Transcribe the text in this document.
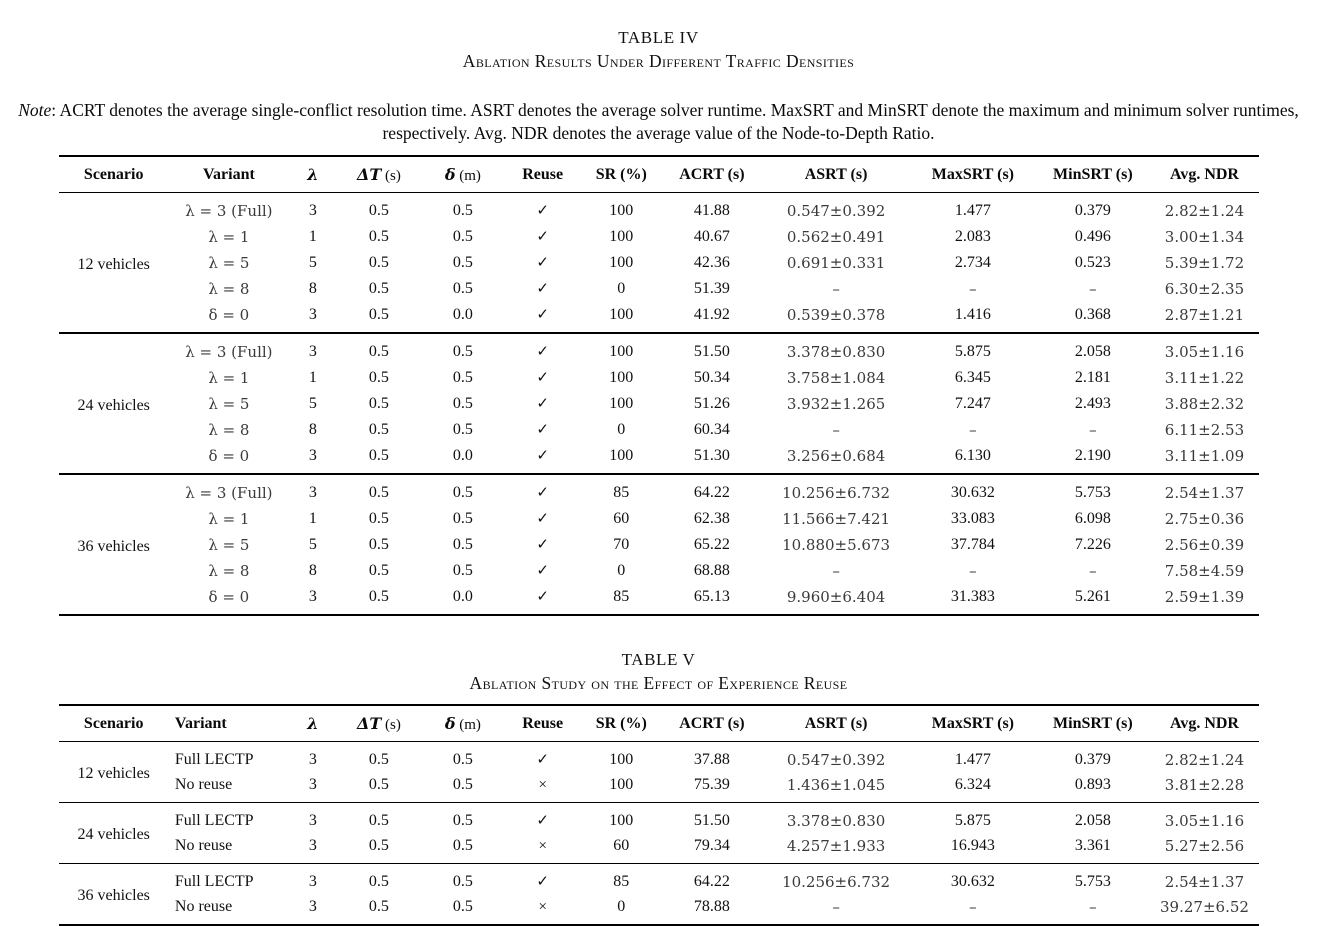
TABLE IV
Ablation Results Under Different Traffic Densities

Note: ACRT denotes the average single-conflict resolution time. ASRT denotes the average solver runtime. MaxSRT and MinSRT denote the maximum and minimum solver runtimes, respectively. Avg. NDR denotes the average value of the Node-to-Depth Ratio.

Scenario	Variant	λ	ΔT (s)	δ (m)	Reuse	SR (%)	ACRT (s)	ASRT (s)	MaxSRT (s)	MinSRT (s)	Avg. NDR
12 vehicles	λ = 3 (Full)	3	0.5	0.5	✓	100	41.88	0.547±0.392	1.477	0.379	2.82±1.24
	λ = 1	1	0.5	0.5	✓	100	40.67	0.562±0.491	2.083	0.496	3.00±1.34
	λ = 5	5	0.5	0.5	✓	100	42.36	0.691±0.331	2.734	0.523	5.39±1.72
	λ = 8	8	0.5	0.5	✓	0	51.39	–	–	–	6.30±2.35
	δ = 0	3	0.5	0.0	✓	100	41.92	0.539±0.378	1.416	0.368	2.87±1.21
24 vehicles	λ = 3 (Full)	3	0.5	0.5	✓	100	51.50	3.378±0.830	5.875	2.058	3.05±1.16
	λ = 1	1	0.5	0.5	✓	100	50.34	3.758±1.084	6.345	2.181	3.11±1.22
	λ = 5	5	0.5	0.5	✓	100	51.26	3.932±1.265	7.247	2.493	3.88±2.32
	λ = 8	8	0.5	0.5	✓	0	60.34	–	–	–	6.11±2.53
	δ = 0	3	0.5	0.0	✓	100	51.30	3.256±0.684	6.130	2.190	3.11±1.09
36 vehicles	λ = 3 (Full)	3	0.5	0.5	✓	85	64.22	10.256±6.732	30.632	5.753	2.54±1.37
	λ = 1	1	0.5	0.5	✓	60	62.38	11.566±7.421	33.083	6.098	2.75±0.36
	λ = 5	5	0.5	0.5	✓	70	65.22	10.880±5.673	37.784	7.226	2.56±0.39
	λ = 8	8	0.5	0.5	✓	0	68.88	–	–	–	7.58±4.59
	δ = 0	3	0.5	0.0	✓	85	65.13	9.960±6.404	31.383	5.261	2.59±1.39
TABLE V
Ablation Study on the Effect of Experience Reuse
Scenario	Variant	λ	ΔT (s)	δ (m)	Reuse	SR (%)	ACRT (s)	ASRT (s)	MaxSRT (s)	MinSRT (s)	Avg. NDR
12 vehicles	Full LECTP	3	0.5	0.5	✓	100	37.88	0.547±0.392	1.477	0.379	2.82±1.24
	No reuse	3	0.5	0.5	×	100	75.39	1.436±1.045	6.324	0.893	3.81±2.28
24 vehicles	Full LECTP	3	0.5	0.5	✓	100	51.50	3.378±0.830	5.875	2.058	3.05±1.16
	No reuse	3	0.5	0.5	×	60	79.34	4.257±1.933	16.943	3.361	5.27±2.56
36 vehicles	Full LECTP	3	0.5	0.5	✓	85	64.22	10.256±6.732	30.632	5.753	2.54±1.37
	No reuse	3	0.5	0.5	×	0	78.88	–	–	–	39.27±6.52
